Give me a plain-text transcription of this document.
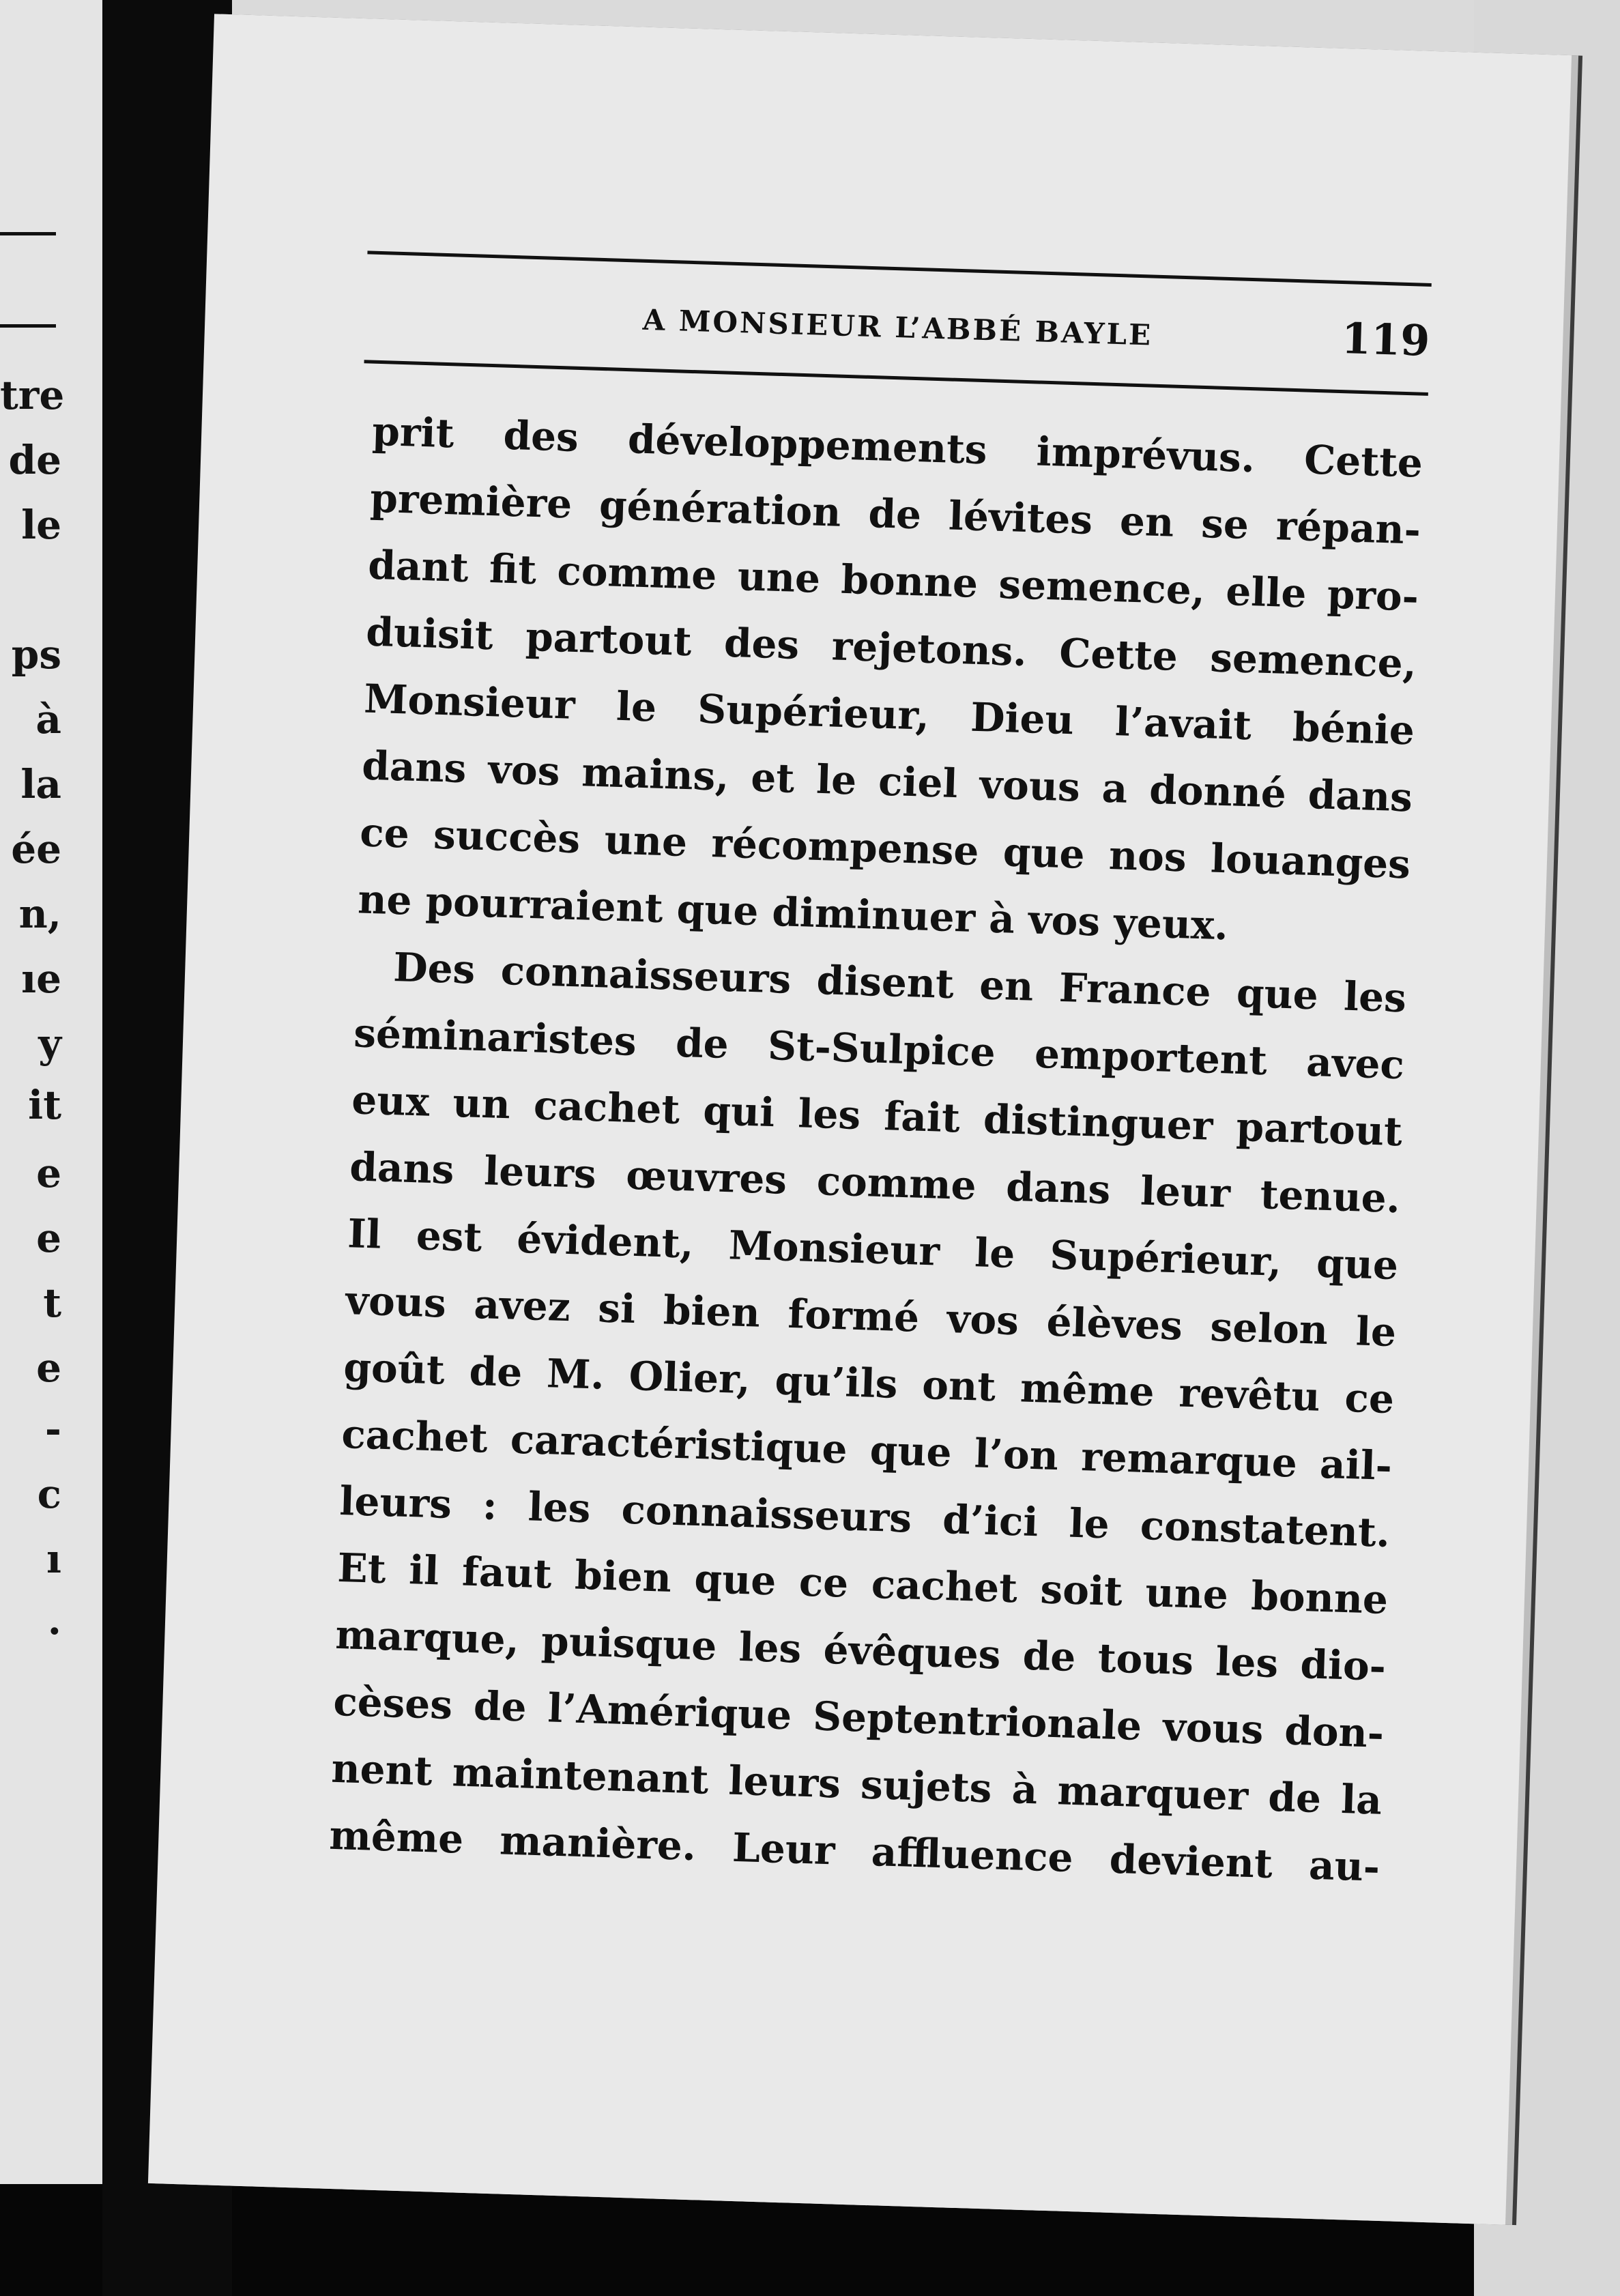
tre
de
le
ps
à
la
ée
n,
ıe
y
it
e
e
t
e
-
c
ı
.
A MONSIEUR L’ABBÉ BAYLE	119
prit des développements imprévus. Cette
première génération de lévites en se répan-
dant fit comme une bonne semence, elle pro-
duisit partout des rejetons. Cette semence,
Monsieur le Supérieur, Dieu l’avait bénie
dans vos mains, et le ciel vous a donné dans
ce succès une récompense que nos louanges
ne pourraient que diminuer à vos yeux.
Des connaisseurs disent en France que les
séminaristes de St-Sulpice emportent avec
eux un cachet qui les fait distinguer partout
dans leurs œuvres comme dans leur tenue.
Il est évident, Monsieur le Supérieur, que
vous avez si bien formé vos élèves selon le
goût de M. Olier, qu’ils ont même revêtu ce
cachet caractéristique que l’on remarque ail-
leurs : les connaisseurs d’ici le constatent.
Et il faut bien que ce cachet soit une bonne
marque, puisque les évêques de tous les dio-
cèses de l’Amérique Septentrionale vous don-
nent maintenant leurs sujets à marquer de la
même manière. Leur affluence devient au-
